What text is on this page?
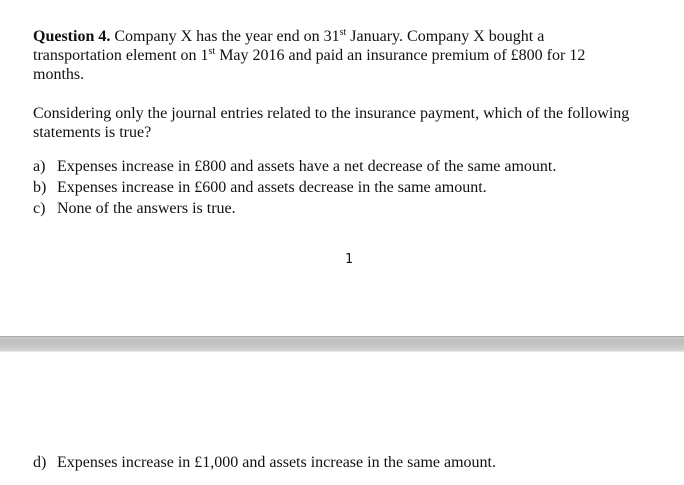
Question 4. Company X has the year end on 31st January. Company X bought a
transportation element on 1st May 2016 and paid an insurance premium of £800 for 12
months.
Considering only the journal entries related to the insurance payment, which of the following
statements is true?
a) Expenses increase in £800 and assets have a net decrease of the same amount.
b) Expenses increase in £600 and assets decrease in the same amount.
c) None of the answers is true.
1
d) Expenses increase in £1,000 and assets increase in the same amount.
